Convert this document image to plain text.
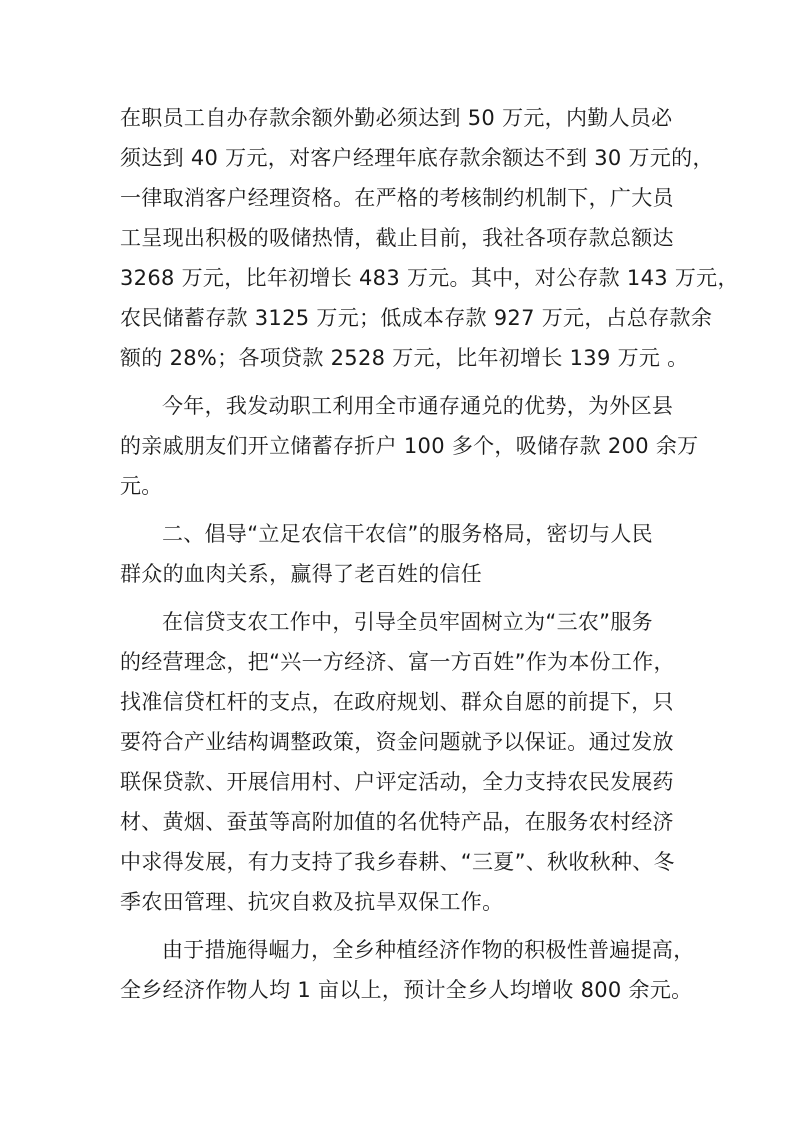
在职员工自办存款余额外勤必须达到 50 万元，内勤人员必
须达到 40 万元，对客户经理年底存款余额达不到 30 万元的，
一律取消客户经理资格。在严格的考核制约机制下，广大员
工呈现出积极的吸储热情，截止目前，我社各项存款总额达
3268 万元，比年初增长 483 万元。其中，对公存款 143 万元，
农民储蓄存款 3125 万元；低成本存款 927 万元，占总存款余
额的 28%；各项贷款 2528 万元，比年初增长 139 万元 。
今年，我发动职工利用全市通存通兑的优势，为外区县
的亲戚朋友们开立储蓄存折户 100 多个，吸储存款 200 余万
元。
二、倡导“立足农信干农信”的服务格局，密切与人民
群众的血肉关系，赢得了老百姓的信任
在信贷支农工作中，引导全员牢固树立为“三农”服务
的经营理念，把“兴一方经济、富一方百姓”作为本份工作，
找准信贷杠杆的支点，在政府规划、群众自愿的前提下，只
要符合产业结构调整政策，资金问题就予以保证。通过发放
联保贷款、开展信用村、户评定活动，全力支持农民发展药
材、黄烟、蚕茧等高附加值的名优特产品，在服务农村经济
中求得发展，有力支持了我乡春耕、“三夏”、秋收秋种、冬
季农田管理、抗灾自救及抗旱双保工作。
由于措施得崛力，全乡种植经济作物的积极性普遍提高，
全乡经济作物人均 1 亩以上，预计全乡人均增收 800 余元。
